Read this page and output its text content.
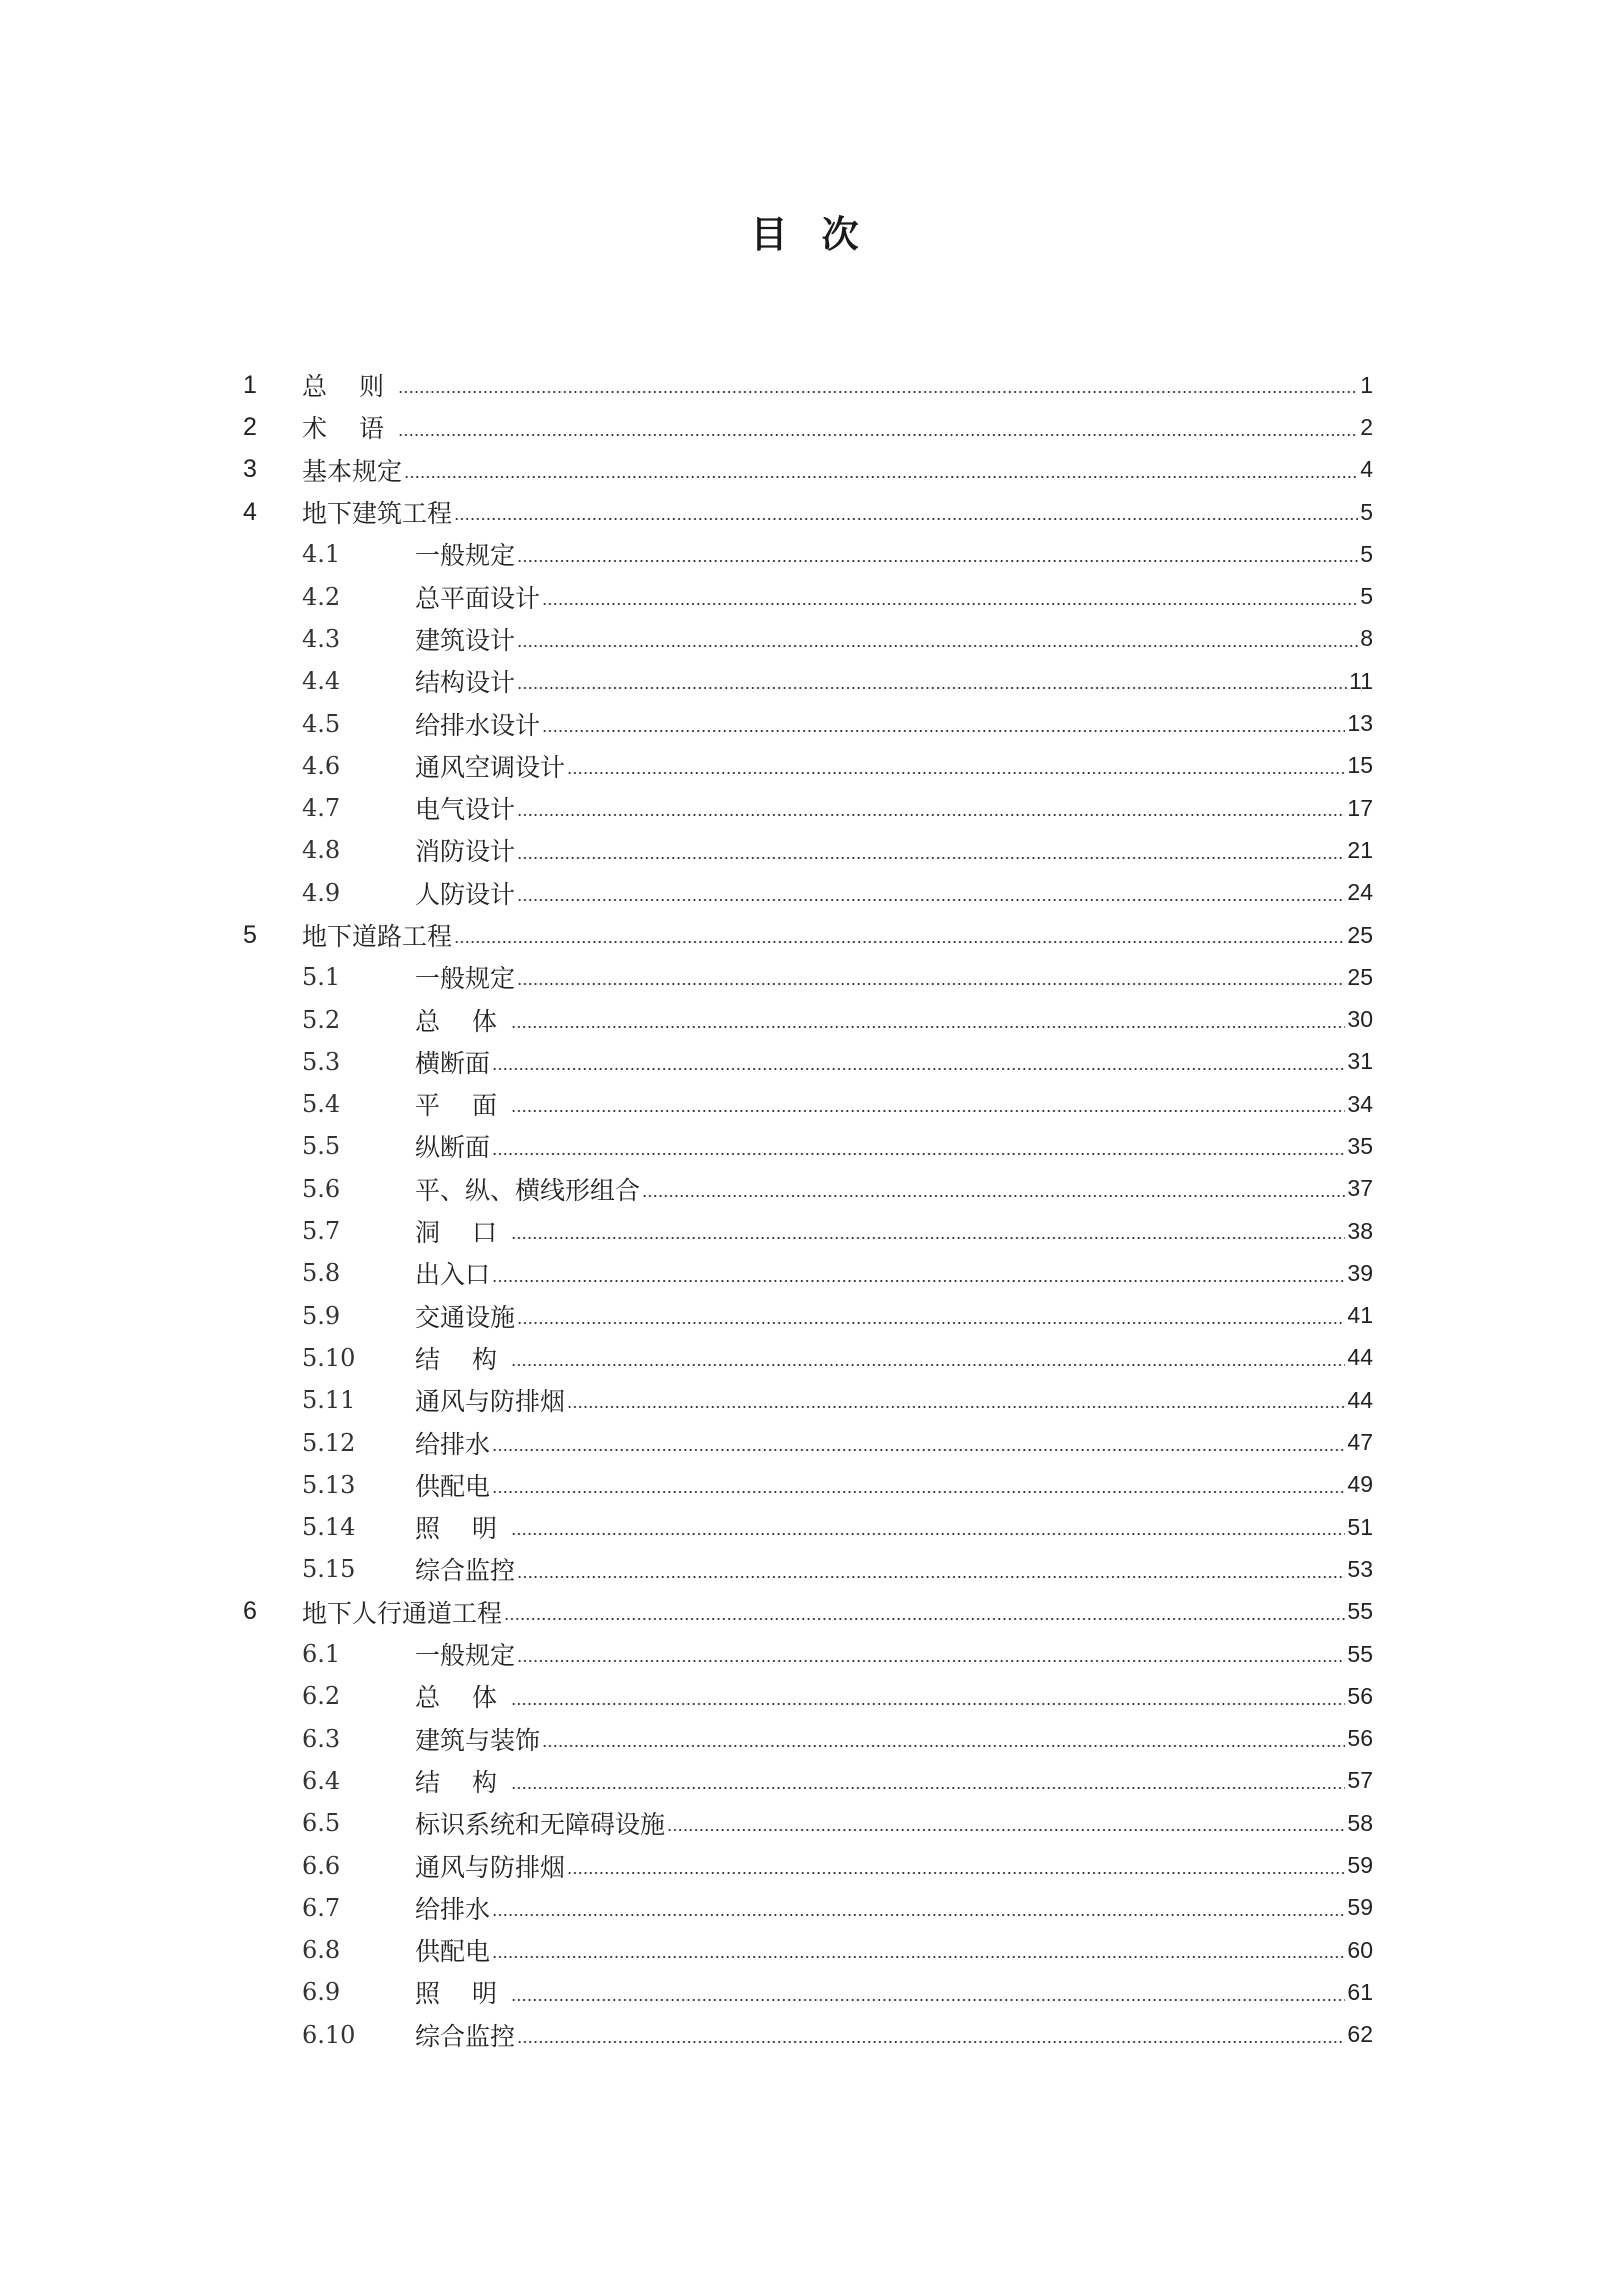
目 次
1	总 则	1
2	术 语	2
3	基本规定	4
4	地下建筑工程	5
4.1	一般规定	5
4.2	总平面设计	5
4.3	建筑设计	8
4.4	结构设计	11
4.5	给排水设计	13
4.6	通风空调设计	15
4.7	电气设计	17
4.8	消防设计	21
4.9	人防设计	24
5	地下道路工程	25
5.1	一般规定	25
5.2	总 体	30
5.3	横断面	31
5.4	平 面	34
5.5	纵断面	35
5.6	平、纵、横线形组合	37
5.7	洞 口	38
5.8	出入口	39
5.9	交通设施	41
5.10	结 构	44
5.11	通风与防排烟	44
5.12	给排水	47
5.13	供配电	49
5.14	照 明	51
5.15	综合监控	53
6	地下人行通道工程	55
6.1	一般规定	55
6.2	总 体	56
6.3	建筑与装饰	56
6.4	结 构	57
6.5	标识系统和无障碍设施	58
6.6	通风与防排烟	59
6.7	给排水	59
6.8	供配电	60
6.9	照 明	61
6.10	综合监控	62
